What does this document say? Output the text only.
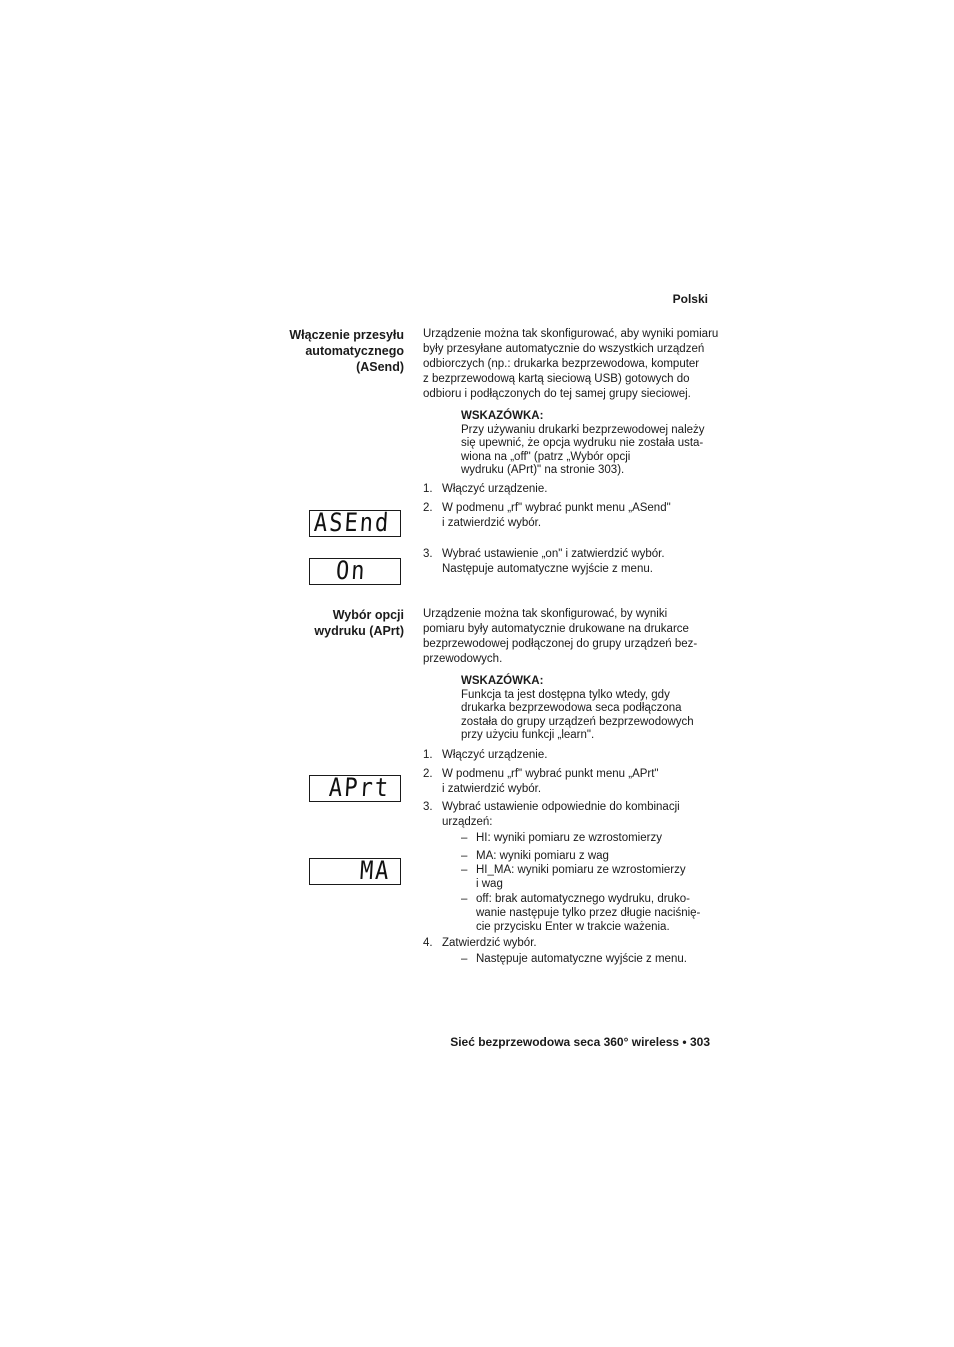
Polski
Włączenie przesyłu
automatycznego
(ASend)
Urządzenie można tak skonfigurować, aby wyniki pomiaru
były przesyłane automatycznie do wszystkich urządzeń
odbiorczych (np.: drukarka bezprzewodowa, komputer
z bezprzewodową kartą sieciową USB) gotowych do
odbioru i podłączonych do tej samej grupy sieciowej.
WSKAZÓWKA:
Przy używaniu drukarki bezprzewodowej należy
się upewnić, że opcja wydruku nie została usta-
wiona na „off" (patrz „Wybór opcji
wydruku (APrt)" na stronie 303).
1. Włączyć urządzenie.
2. W podmenu „rf" wybrać punkt menu „ASend"
i zatwierdzić wybór.
3. Wybrać ustawienie „on" i zatwierdzić wybór.
Następuje automatyczne wyjście z menu.
ASEnd
On
Wybór opcji
wydruku (APrt)
Urządzenie można tak skonfigurować, by wyniki
pomiaru były automatycznie drukowane na drukarce
bezprzewodowej podłączonej do grupy urządzeń bez-
przewodowych.
WSKAZÓWKA:
Funkcja ta jest dostępna tylko wtedy, gdy
drukarka bezprzewodowa seca podłączona
została do grupy urządzeń bezprzewodowych
przy użyciu funkcji „learn".
1. Włączyć urządzenie.
2. W podmenu „rf" wybrać punkt menu „APrt"
i zatwierdzić wybór.
3. Wybrać ustawienie odpowiednie do kombinacji
urządzeń:
– HI: wyniki pomiaru ze wzrostomierzy
– MA: wyniki pomiaru z wag
– HI_MA: wyniki pomiaru ze wzrostomierzy
i wag
– off: brak automatycznego wydruku, druko-
wanie następuje tylko przez długie naciśnię-
cie przycisku Enter w trakcie ważenia.
4. Zatwierdzić wybór.
– Następuje automatyczne wyjście z menu.
APrt
MA
Sieć bezprzewodowa seca 360° wireless • 303
